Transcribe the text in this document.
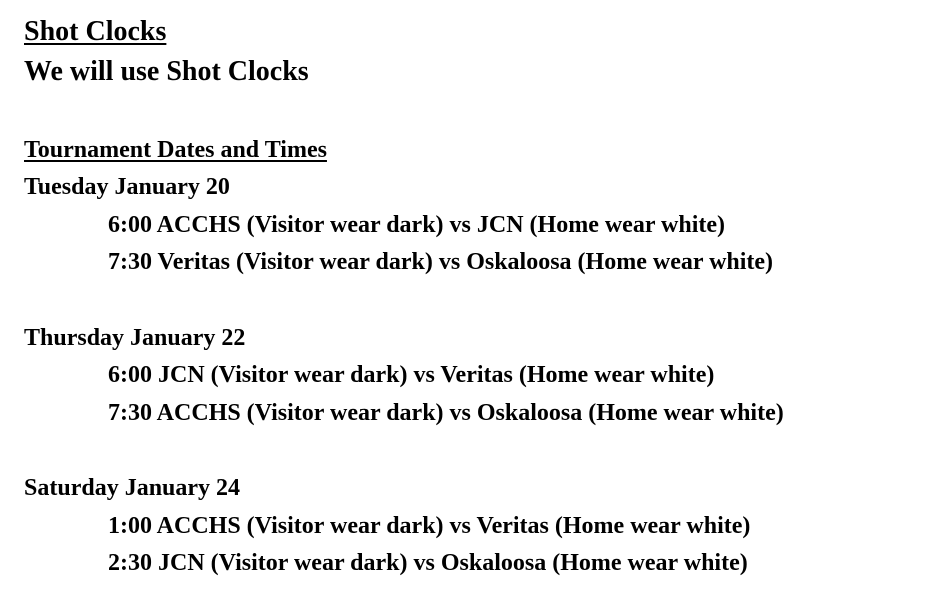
Shot Clocks
We will use Shot Clocks
Tournament Dates and Times
Tuesday January 20
6:00 ACCHS (Visitor wear dark) vs JCN (Home wear white)
7:30 Veritas (Visitor wear dark) vs Oskaloosa (Home wear white)
Thursday January 22
6:00 JCN (Visitor wear dark) vs Veritas (Home wear white)
7:30 ACCHS (Visitor wear dark) vs Oskaloosa (Home wear white)
Saturday January 24
1:00 ACCHS (Visitor wear dark) vs Veritas (Home wear white)
2:30 JCN (Visitor wear dark) vs Oskaloosa (Home wear white)
